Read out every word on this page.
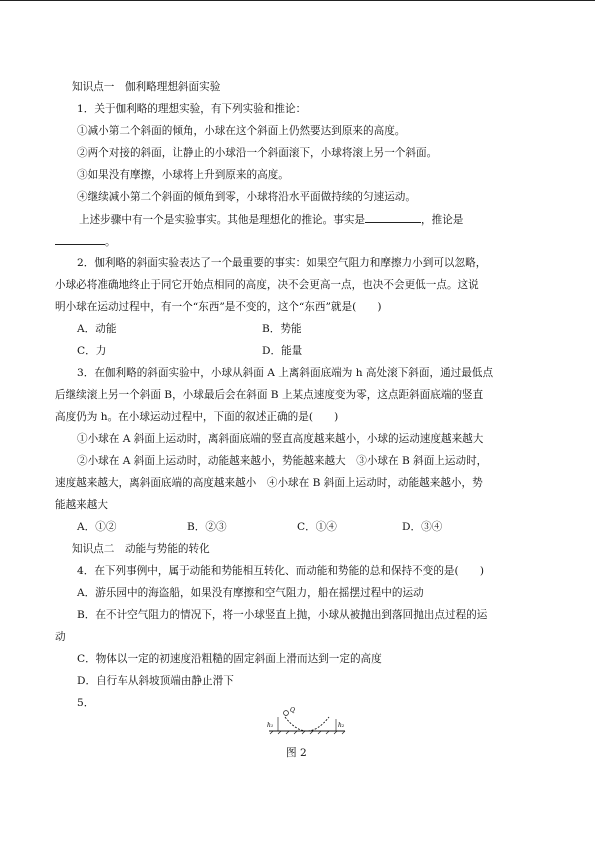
知识点一　伽利略理想斜面实验
1．关于伽利略的理想实验，有下列实验和推论：
①减小第二个斜面的倾角，小球在这个斜面上仍然要达到原来的高度。
②两个对接的斜面，让静止的小球沿一个斜面滚下，小球将滚上另一个斜面。
③如果没有摩擦，小球将上升到原来的高度。
④继续减小第二个斜面的倾角到零，小球将沿水平面做持续的匀速运动。
上述步骤中有一个是实验事实。其他是理想化的推论。事实是	，推论是
。
2．伽利略的斜面实验表达了一个最重要的事实：如果空气阻力和摩擦力小到可以忽略，
小球必将准确地终止于同它开始点相同的高度，决不会更高一点，也决不会更低一点。这说
明小球在运动过程中，有一个“东西”是不变的，这个“东西”就是(　　)
A．动能	B．势能
C．力	D．能量
3．在伽利略的斜面实验中，小球从斜面 A 上离斜面底端为 h 高处滚下斜面，通过最低点
后继续滚上另一个斜面 B，小球最后会在斜面 B 上某点速度变为零，这点距斜面底端的竖直
高度仍为 h。在小球运动过程中，下面的叙述正确的是(　　)
①小球在 A 斜面上运动时，离斜面底端的竖直高度越来越小，小球的运动速度越来越大
②小球在 A 斜面上运动时，动能越来越小，势能越来越大　③小球在 B 斜面上运动时，
速度越来越大，离斜面底端的高度越来越小　④小球在 B 斜面上运动时，动能越来越小，势
能越来越大
A．①②	B．②③	C．①④	D．③④
知识点二　动能与势能的转化
4．在下列事例中，属于动能和势能相互转化、而动能和势能的总和保持不变的是(　　)
A．游乐园中的海盗船，如果没有摩擦和空气阻力，船在摇摆过程中的运动
B．在不计空气阻力的情况下，将一小球竖直上抛，小球从被抛出到落回抛出点过程的运
动
C．物体以一定的初速度沿粗糙的固定斜面上滑而达到一定的高度
D．自行车从斜坡顶端由静止滑下
5．
h₁
Q
h₂
图 2
